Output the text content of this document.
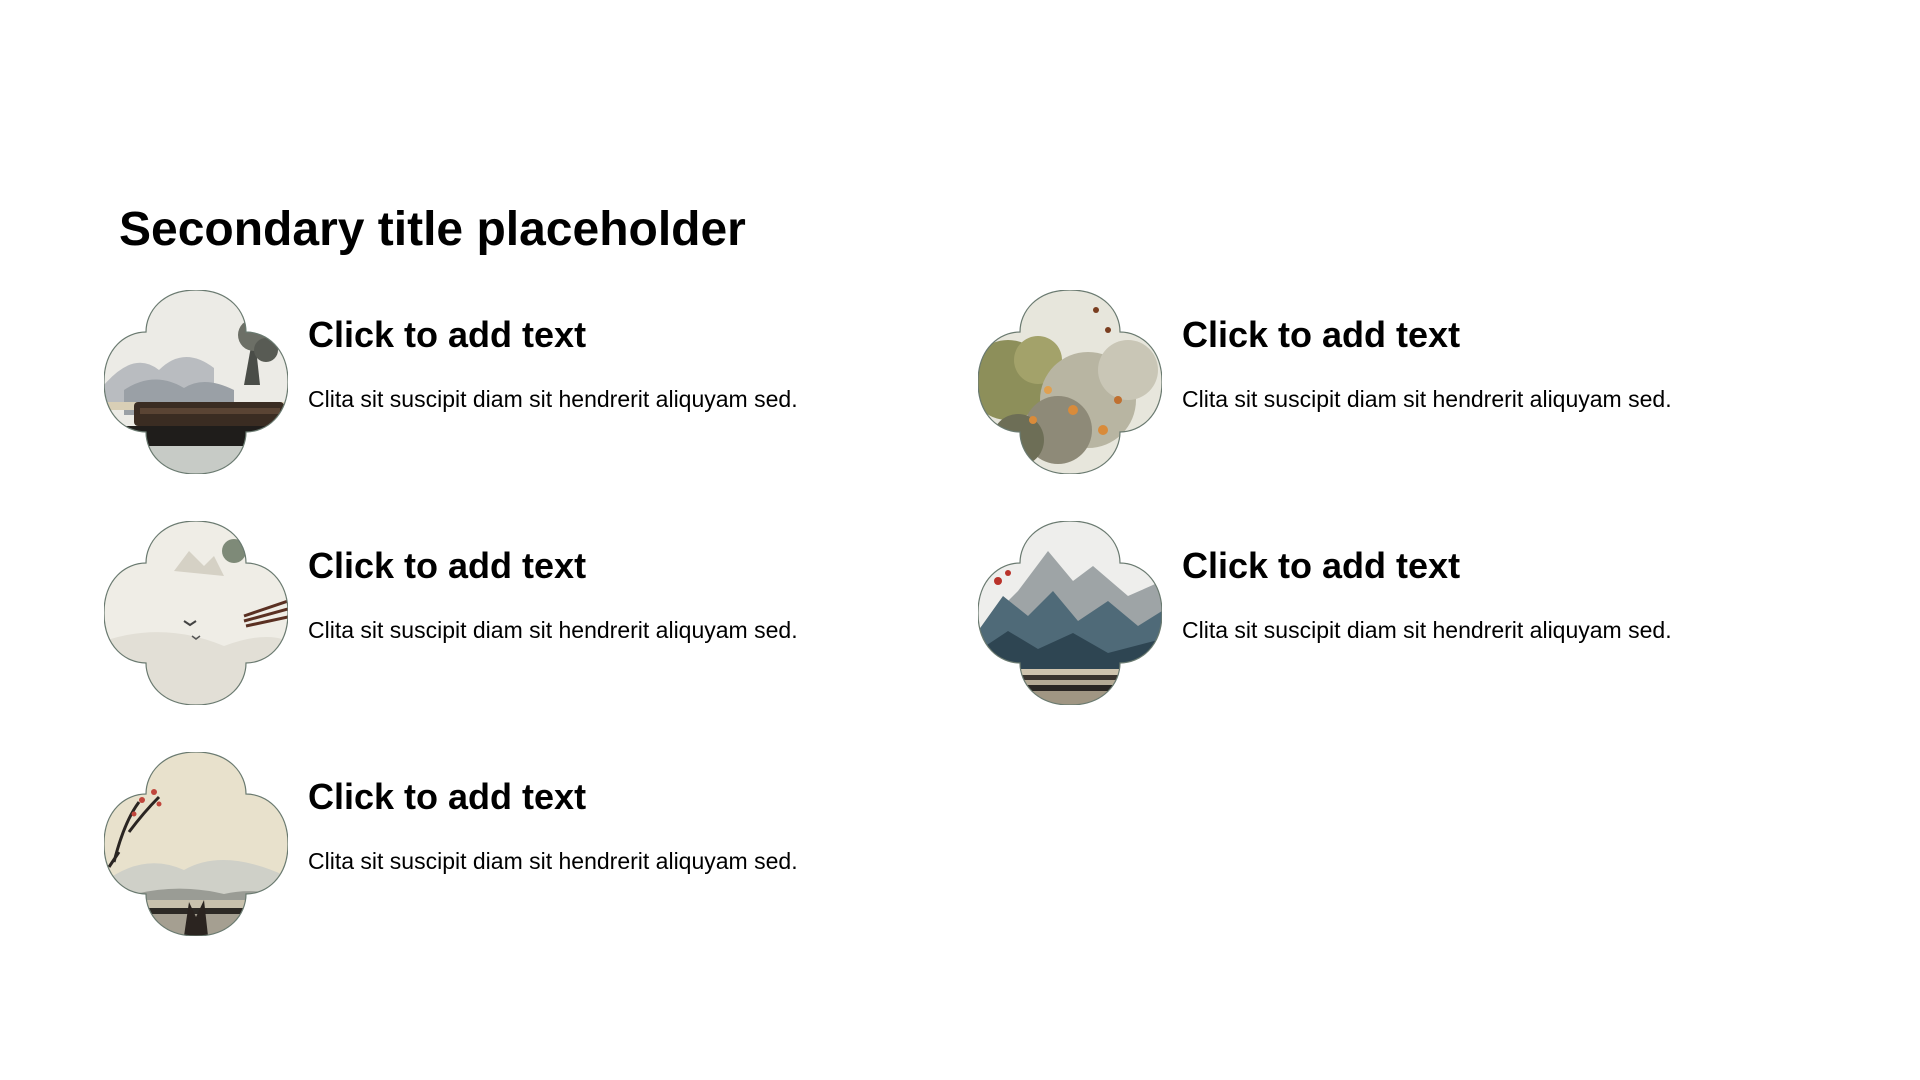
Secondary title placeholder
Click to add text
Clita sit suscipit diam sit hendrerit aliquyam sed.
Click to add text
Clita sit suscipit diam sit hendrerit aliquyam sed.
Click to add text
Clita sit suscipit diam sit hendrerit aliquyam sed.
Click to add text
Clita sit suscipit diam sit hendrerit aliquyam sed.
Click to add text
Clita sit suscipit diam sit hendrerit aliquyam sed.
